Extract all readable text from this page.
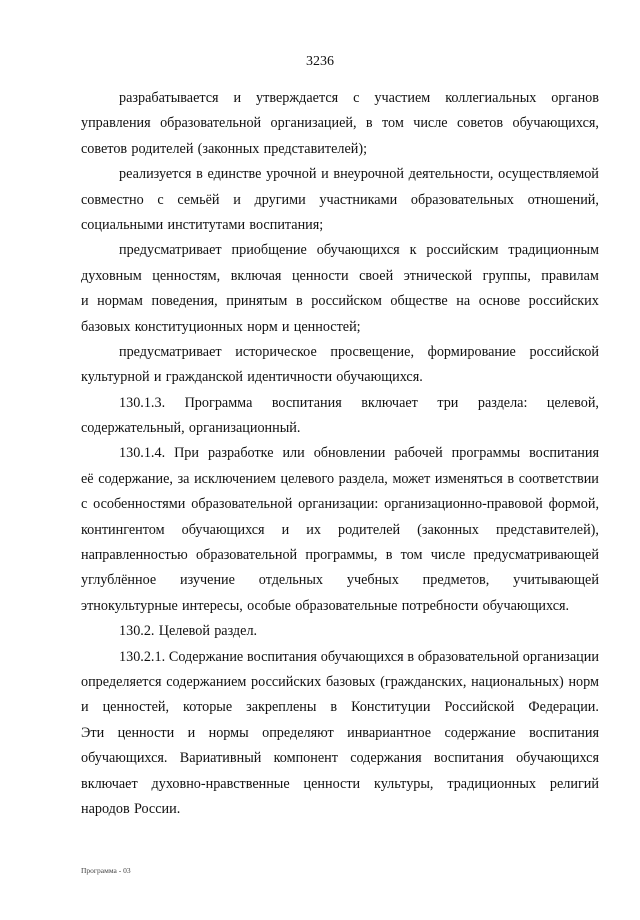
3236
разрабатывается и утверждается с участием коллегиальных органов
управления образовательной организацией, в том числе советов обучающихся,
советов родителей (законных представителей);
реализуется в единстве урочной и внеурочной деятельности, осуществляемой
совместно с семьёй и другими участниками образовательных отношений,
социальными институтами воспитания;
предусматривает приобщение обучающихся к российским традиционным
духовным ценностям, включая ценности своей этнической группы, правилам
и нормам поведения, принятым в российском обществе на основе российских
базовых конституционных норм и ценностей;
предусматривает историческое просвещение, формирование российской
культурной и гражданской идентичности обучающихся.
130.1.3. Программа воспитания включает три раздела: целевой,
содержательный, организационный.
130.1.4. При разработке или обновлении рабочей программы воспитания
её содержание, за исключением целевого раздела, может изменяться в соответствии
с особенностями образовательной организации: организационно-правовой формой,
контингентом обучающихся и их родителей (законных представителей),
направленностью образовательной программы, в том числе предусматривающей
углублённое изучение отдельных учебных предметов, учитывающей
этнокультурные интересы, особые образовательные потребности обучающихся.
130.2. Целевой раздел.
130.2.1. Содержание воспитания обучающихся в образовательной организации
определяется содержанием российских базовых (гражданских, национальных) норм
и ценностей, которые закреплены в Конституции Российской Федерации.
Эти ценности и нормы определяют инвариантное содержание воспитания
обучающихся. Вариативный компонент содержания воспитания обучающихся
включает духовно-нравственные ценности культуры, традиционных религий
народов России.
Программа - 03
